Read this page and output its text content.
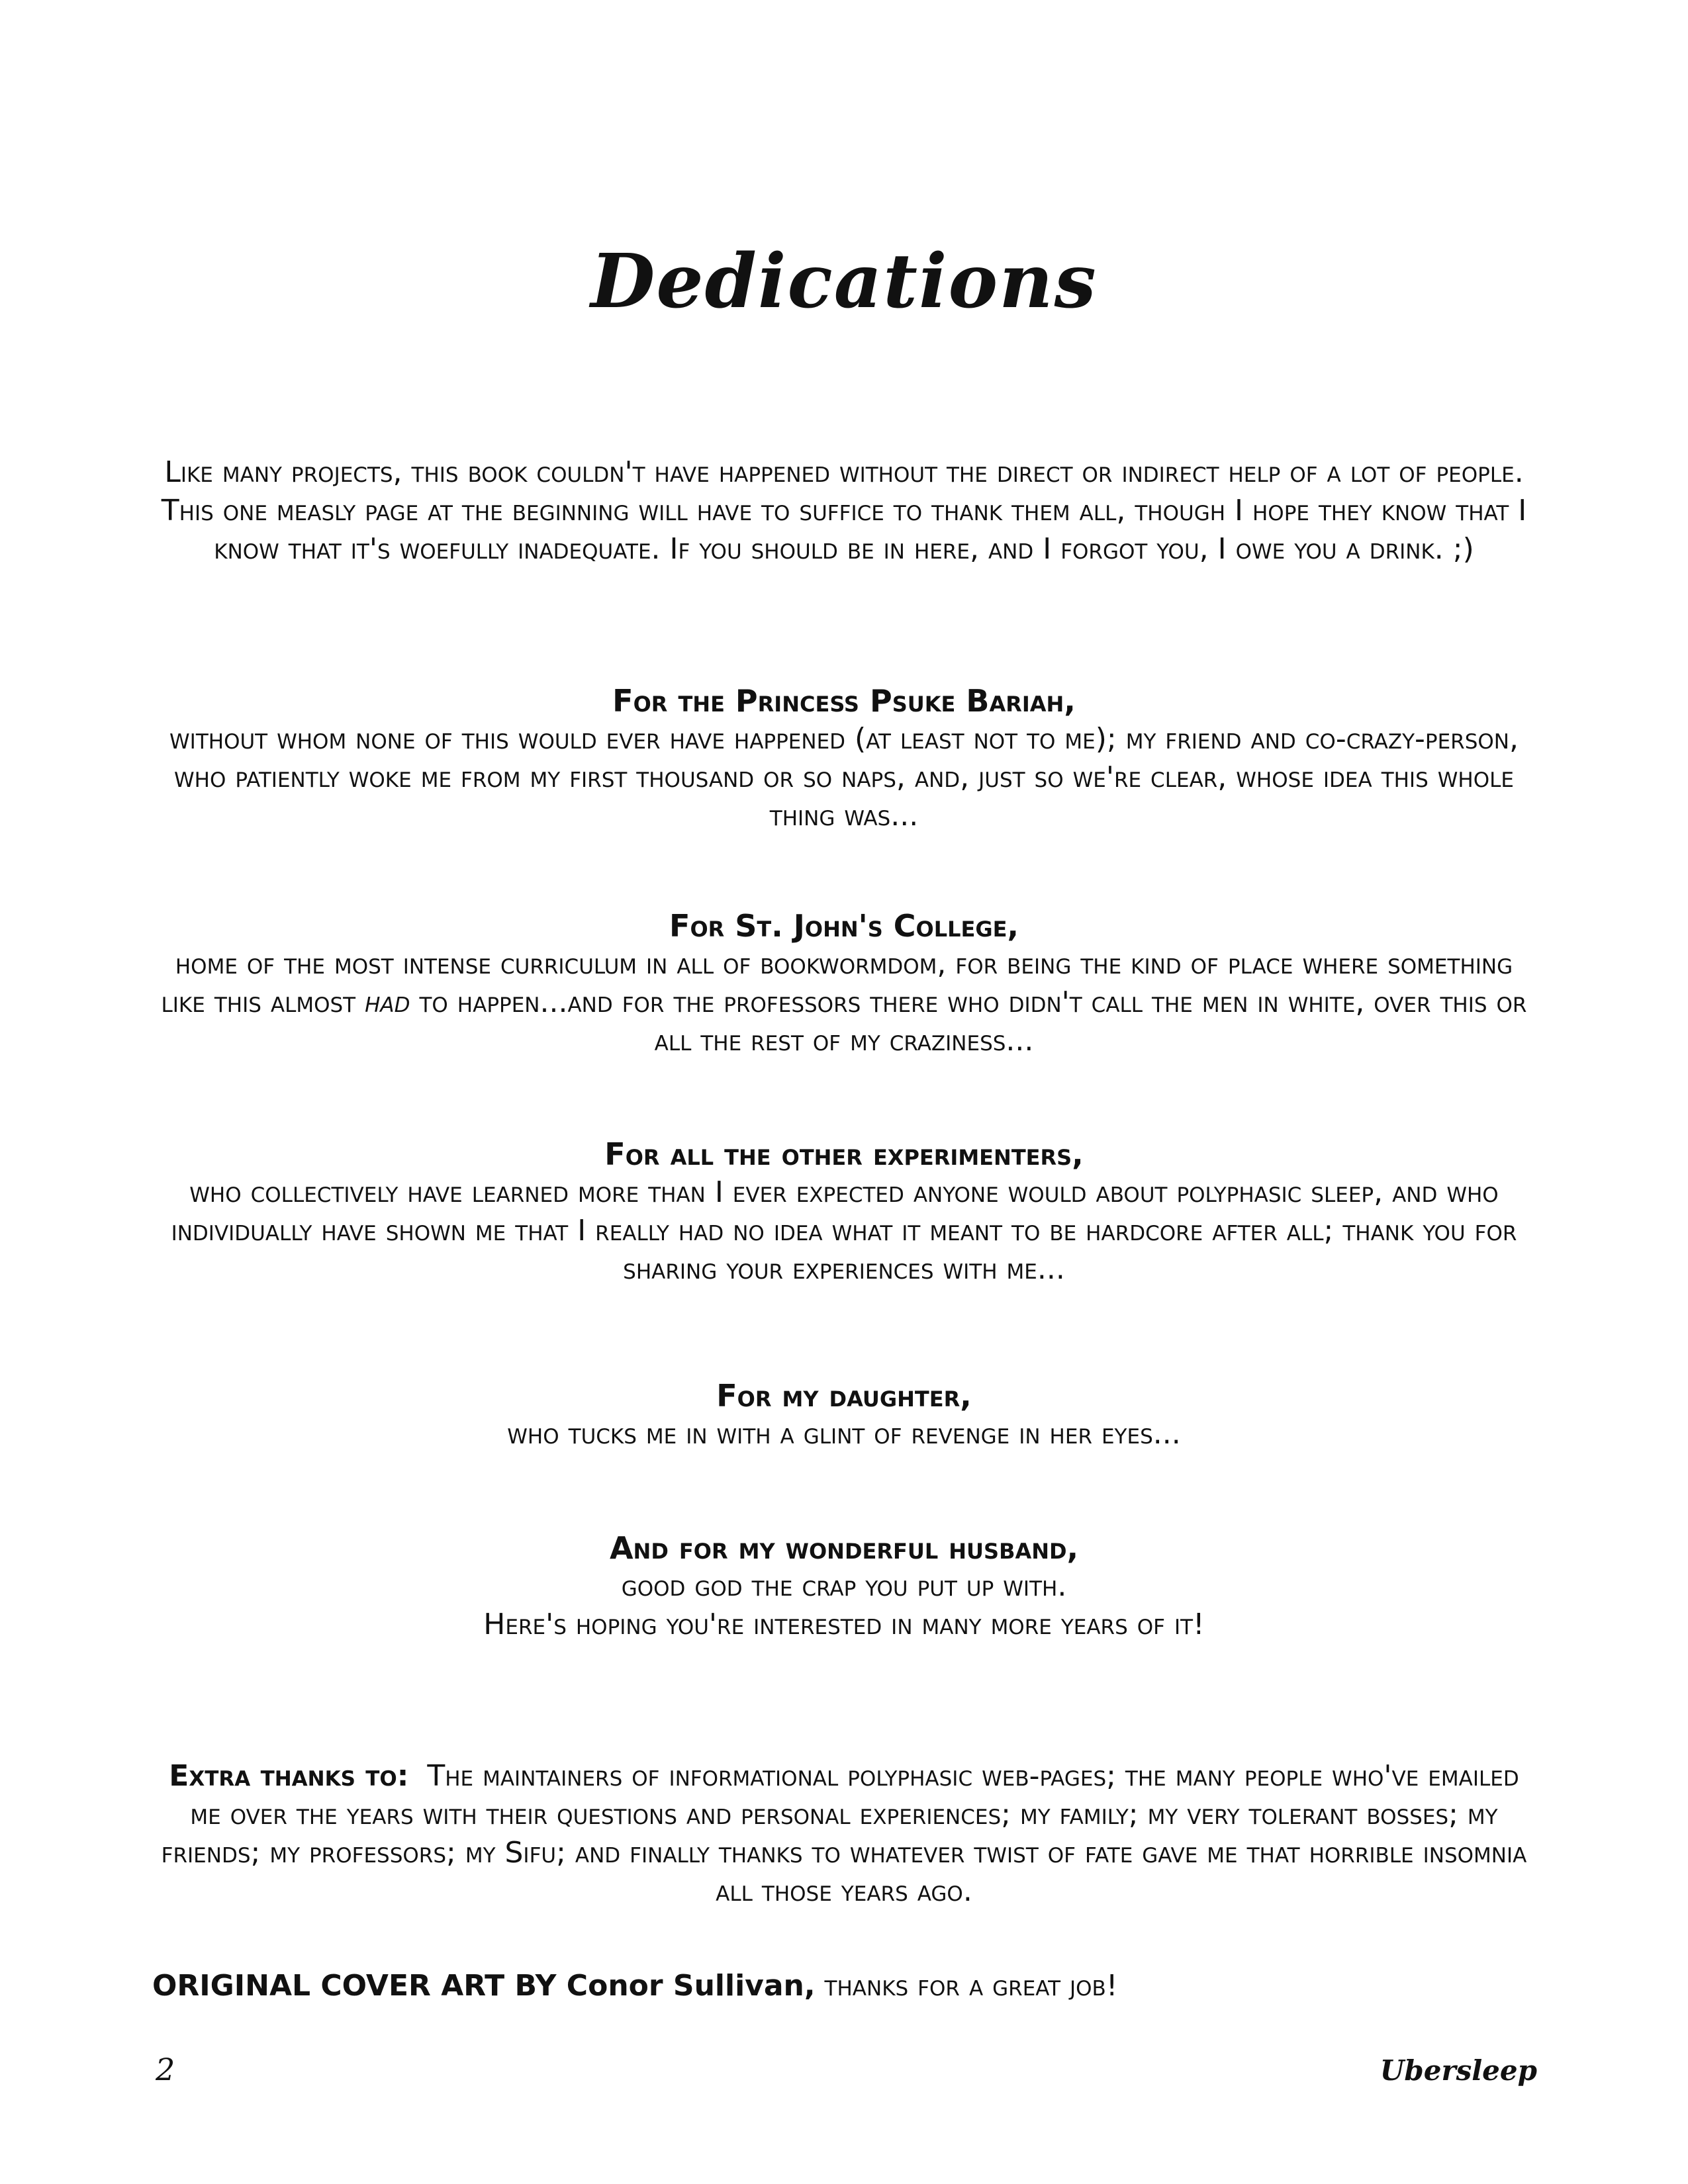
Dedications

Like many projects, this book couldn't have happened without the direct or indirect help of a lot of people. This one measly page at the beginning will have to suffice to thank them all, though I hope they know that I know that it's woefully inadequate. If you should be in here, and I forgot you, I owe you a drink. ;)

For the Princess Psuke Bariah,
without whom none of this would ever have happened (at least not to me); my friend and co-crazy-person, who patiently woke me from my first thousand or so naps, and, just so we're clear, whose idea this whole thing was...
For St. John's College,
home of the most intense curriculum in all of bookwormdom, for being the kind of place where something like this almost had to happen...and for the professors there who didn't call the men in white, over this or all the rest of my craziness...
For all the other experimenters,
who collectively have learned more than I ever expected anyone would about polyphasic sleep, and who individually have shown me that I really had no idea what it meant to be hardcore after all; thank you for sharing your experiences with me...
For my daughter,
who tucks me in with a glint of revenge in her eyes...
And for my wonderful husband,
good god the crap you put up with.
Here's hoping you're interested in many more years of it!
Extra thanks to:  The maintainers of informational polyphasic web-pages; the many people who've emailed me over the years with their questions and personal experiences; my family; my very tolerant bosses; my friends; my professors; my Sifu; and finally thanks to whatever twist of fate gave me that horrible insomnia all those years ago.
ORIGINAL COVER ART BY Conor Sullivan, thanks for a great job!
2	Ubersleep
